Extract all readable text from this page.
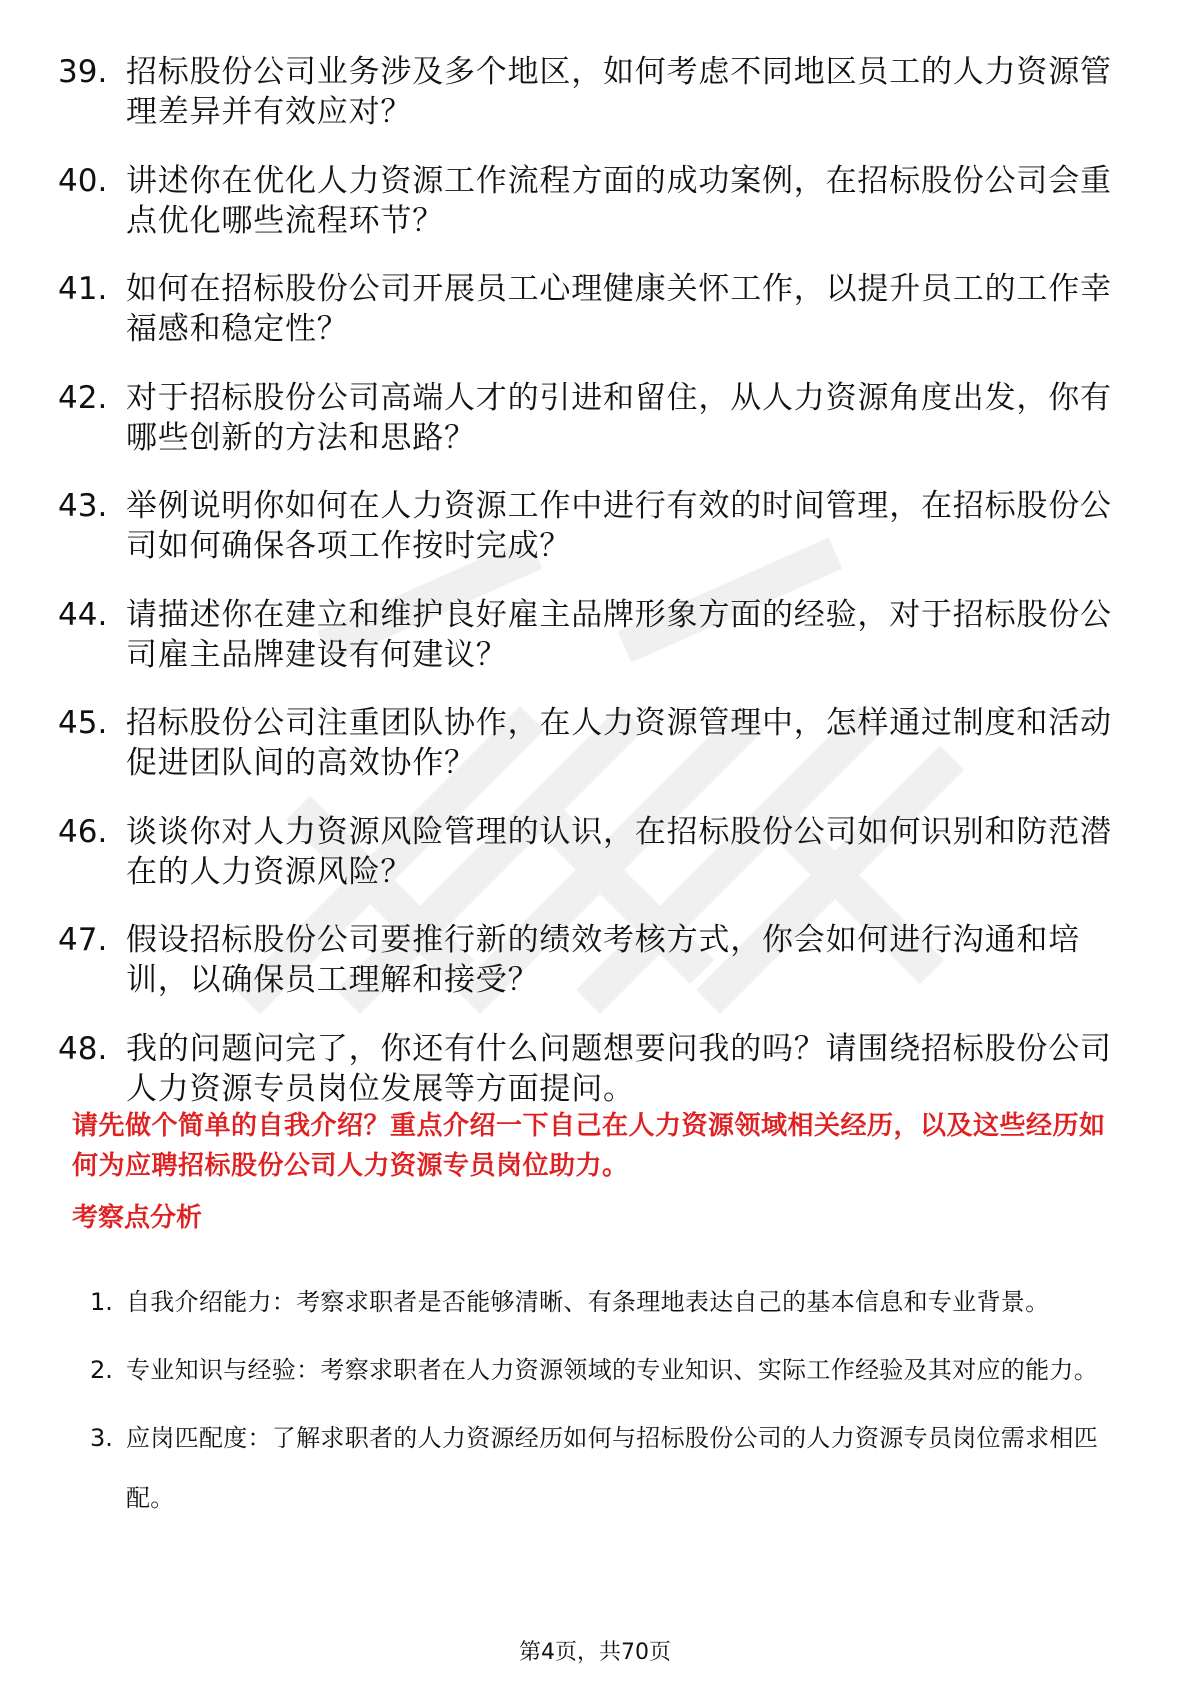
39. 招标股份公司业务涉及多个地区，如何考虑不同地区员工的人力资源管理差异并有效应对？
40. 讲述你在优化人力资源工作流程方面的成功案例，在招标股份公司会重点优化哪些流程环节？
41. 如何在招标股份公司开展员工心理健康关怀工作，以提升员工的工作幸福感和稳定性？
42. 对于招标股份公司高端人才的引进和留住，从人力资源角度出发，你有哪些创新的方法和思路？
43. 举例说明你如何在人力资源工作中进行有效的时间管理，在招标股份公司如何确保各项工作按时完成？
44. 请描述你在建立和维护良好雇主品牌形象方面的经验，对于招标股份公司雇主品牌建设有何建议？
45. 招标股份公司注重团队协作，在人力资源管理中，怎样通过制度和活动促进团队间的高效协作？
46. 谈谈你对人力资源风险管理的认识，在招标股份公司如何识别和防范潜在的人力资源风险？
47. 假设招标股份公司要推行新的绩效考核方式，你会如何进行沟通和培训，以确保员工理解和接受？
48. 我的问题问完了，你还有什么问题想要问我的吗？请围绕招标股份公司人力资源专员岗位发展等方面提问。

请先做个简单的自我介绍？重点介绍一下自己在人力资源领域相关经历，以及这些经历如何为应聘招标股份公司人力资源专员岗位助力。

考察点分析
1. 自我介绍能力：考察求职者是否能够清晰、有条理地表达自己的基本信息和专业背景。
2. 专业知识与经验：考察求职者在人力资源领域的专业知识、实际工作经验及其对应的能力。
3. 应岗匹配度：了解求职者的人力资源经历如何与招标股份公司的人力资源专员岗位需求相匹配。
第4页，共70页
